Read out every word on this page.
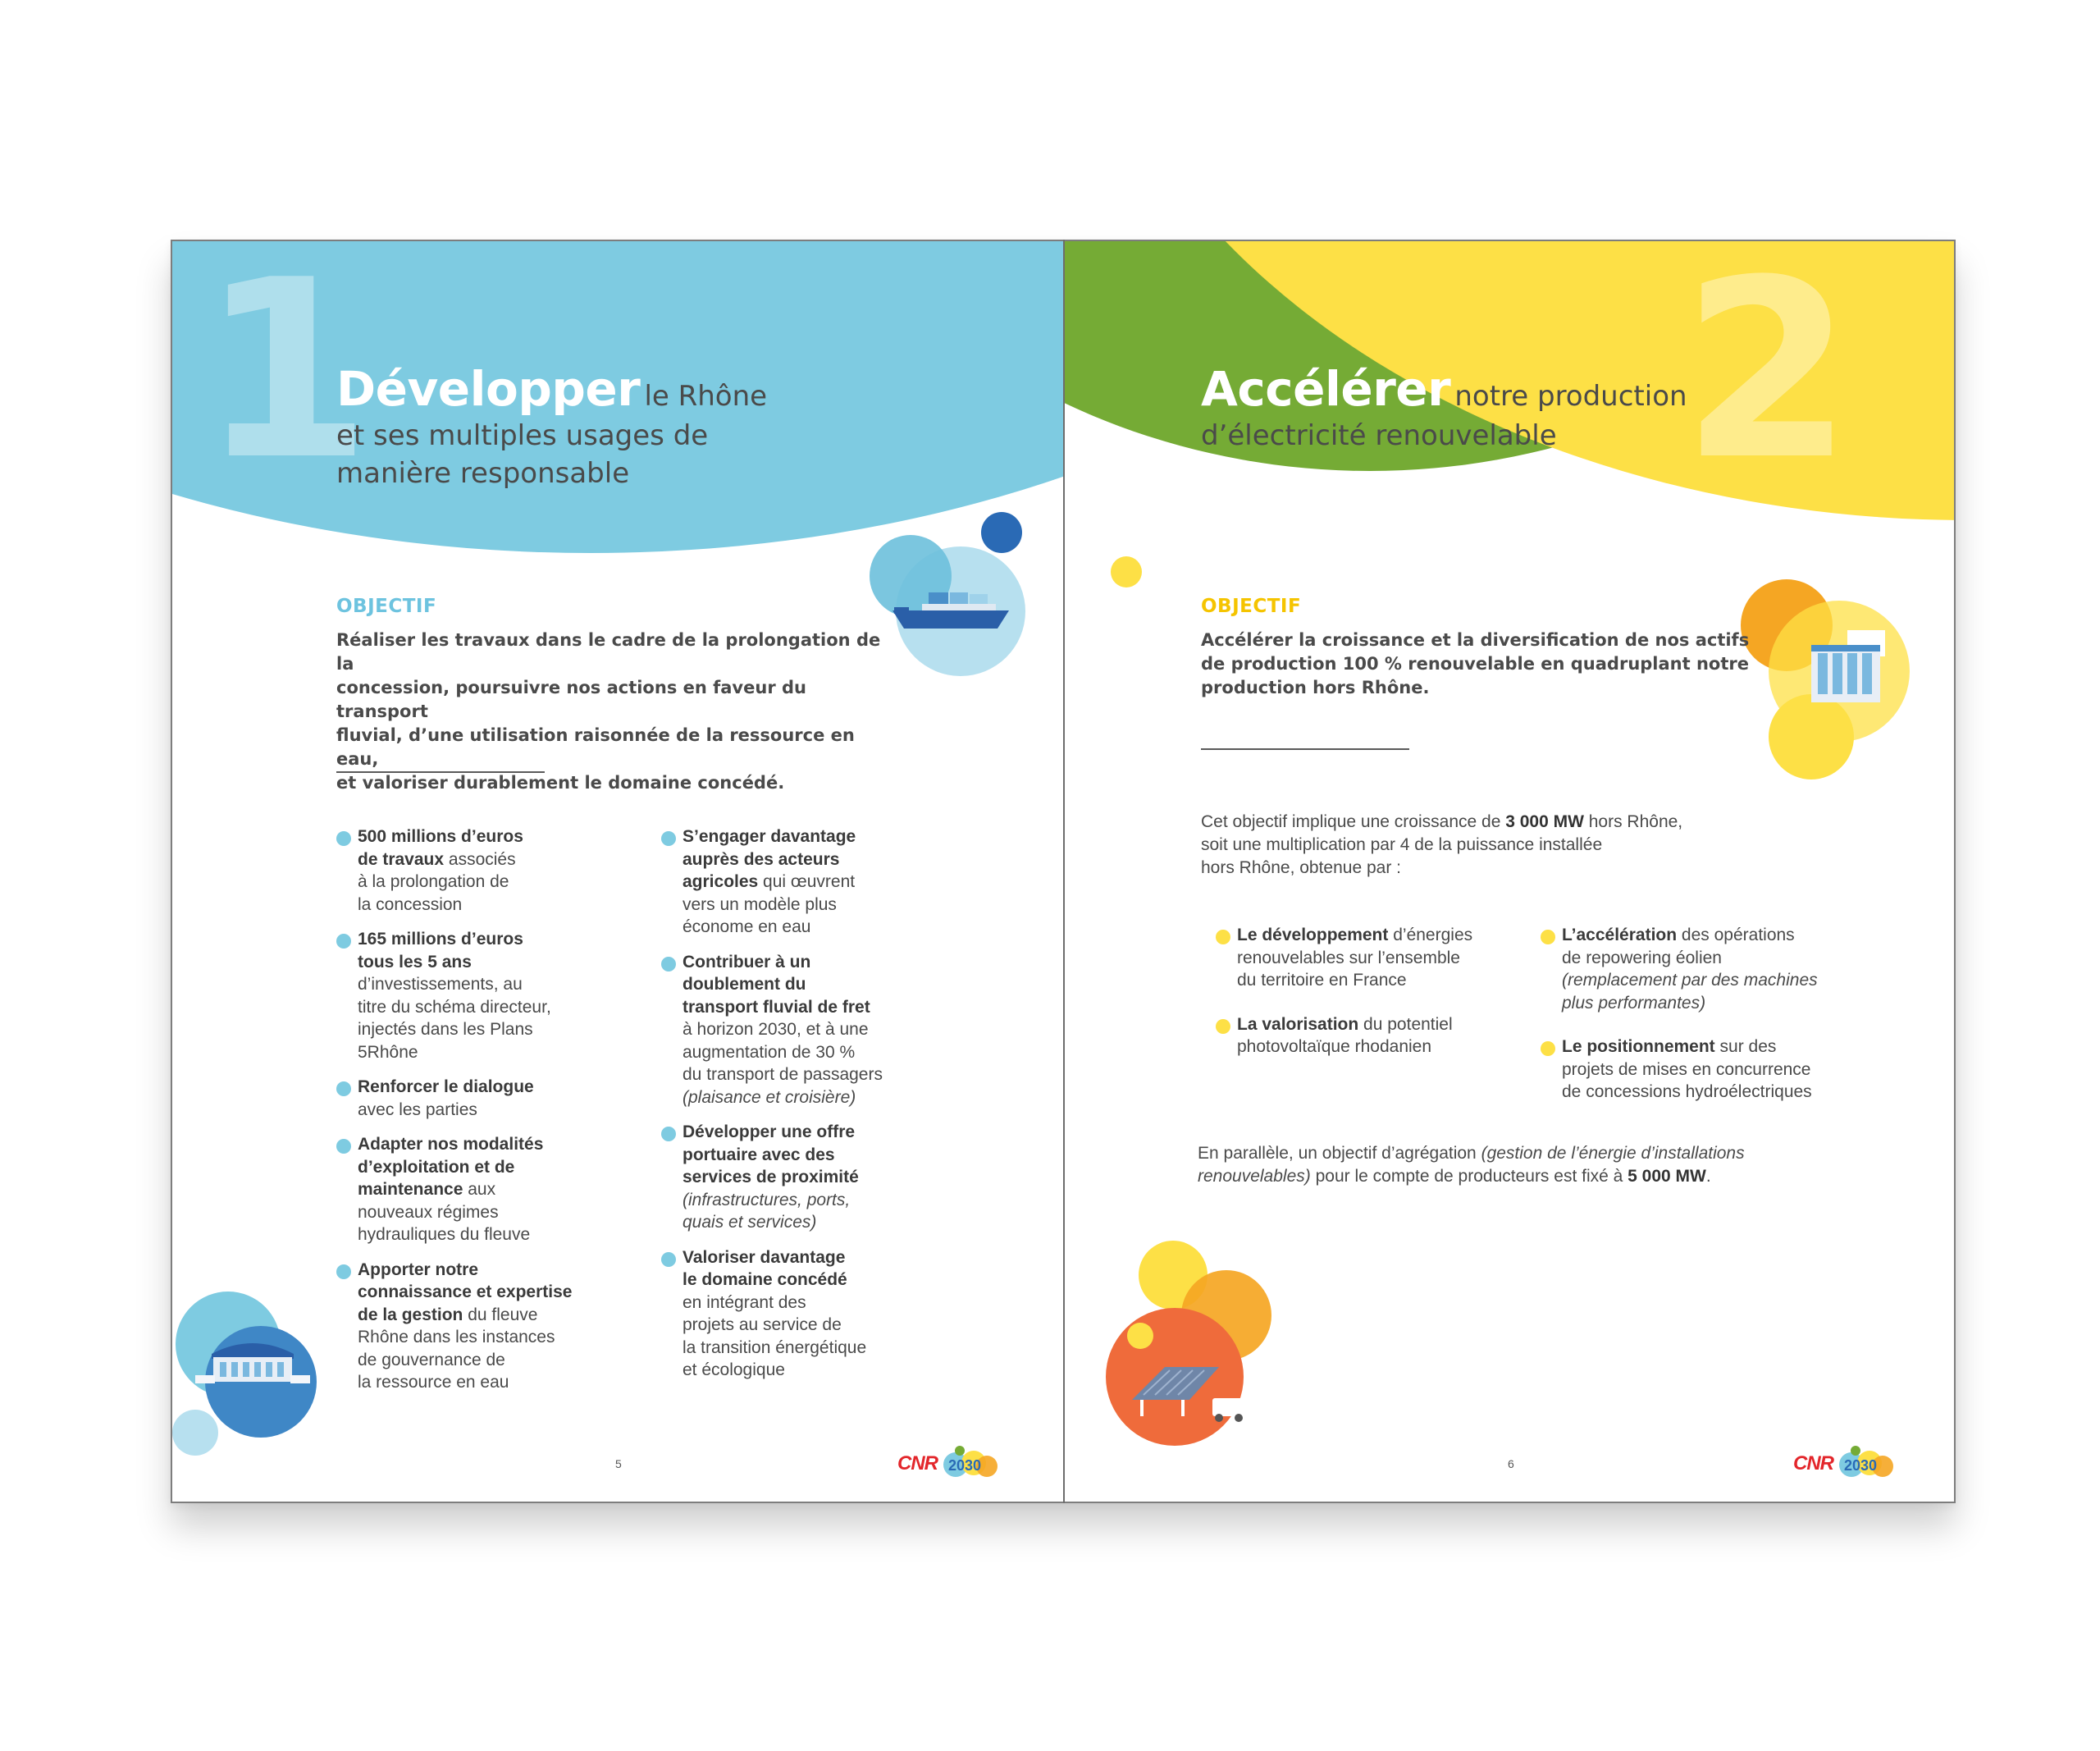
1
Développer le Rhône
et ses multiples usages de
manière responsable
OBJECTIF
Réaliser les travaux dans le cadre de la prolongation de la
concession, poursuivre nos actions en faveur du transport
fluvial, d’une utilisation raisonnée de la ressource en eau,
et valoriser durablement le domaine concédé.
500 millions d’euros
de travaux associés
à la prolongation de
la concession
165 millions d’euros
tous les 5 ans
d’investissements, au
titre du schéma directeur,
injectés dans les Plans
5Rhône
Renforcer le dialogue
avec les parties
Adapter nos modalités
d’exploitation et de
maintenance aux
nouveaux régimes
hydrauliques du fleuve
Apporter notre
connaissance et expertise
de la gestion du fleuve
Rhône dans les instances
de gouvernance de
la ressource en eau
S’engager davantage
auprès des acteurs
agricoles qui œuvrent
vers un modèle plus
économe en eau
Contribuer à un
doublement du
transport fluvial de fret
à horizon 2030, et à une
augmentation de 30 %
du transport de passagers
(plaisance et croisière)
Développer une offre
portuaire avec des
services de proximité
(infrastructures, ports,
quais et services)
Valoriser davantage
le domaine concédé
en intégrant des
projets au service de
la transition énergétique
et écologique
5	CNR 2030
2
Accélérer notre production
d’électricité renouvelable
OBJECTIF
Accélérer la croissance et la diversification de nos actifs
de production 100 % renouvelable en quadruplant notre
production hors Rhône.
Cet objectif implique une croissance de 3 000 MW hors Rhône,
soit une multiplication par 4 de la puissance installée
hors Rhône, obtenue par :
Le développement d’énergies
renouvelables sur l’ensemble
du territoire en France
La valorisation du potentiel
photovoltaïque rhodanien
L’accélération des opérations
de repowering éolien
(remplacement par des machines
plus performantes)
Le positionnement sur des
projets de mises en concurrence
de concessions hydroélectriques
En parallèle, un objectif d’agrégation (gestion de l’énergie d’installations
renouvelables) pour le compte de producteurs est fixé à 5 000 MW.
6	CNR 2030
